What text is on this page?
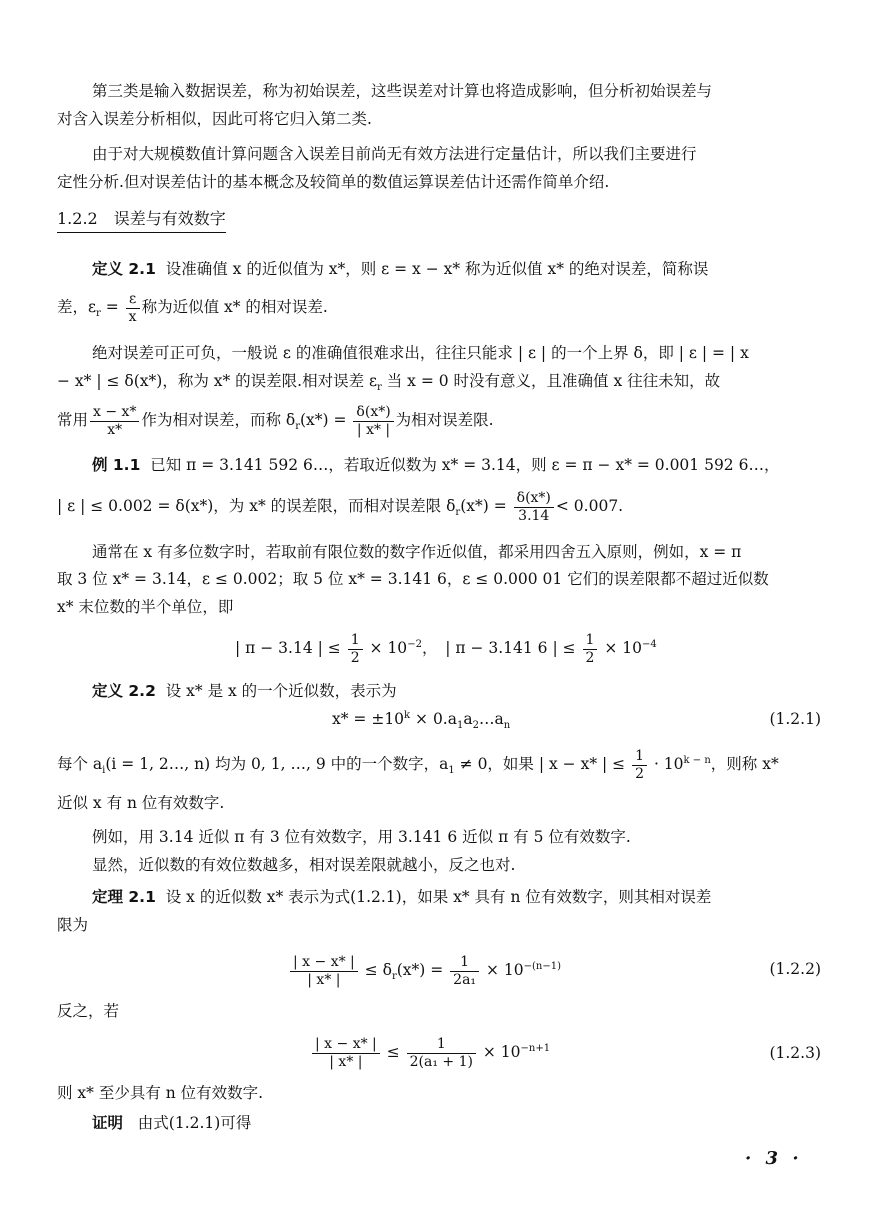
第三类是输入数据误差，称为初始误差，这些误差对计算也将造成影响，但分析初始误差与
对含入误差分析相似，因此可将它归入第二类.
由于对大规模数值计算问题含入误差目前尚无有效方法进行定量估计，所以我们主要进行
定性分析.但对误差估计的基本概念及较简单的数值运算误差估计还需作简单介绍.
1.2.2 误差与有效数字
定义 2.1 设准确值 x 的近似值为 x*，则 ε = x − x* 称为近似值 x* 的绝对误差，简称误
差，$\varepsilon_r = \frac{\varepsilon}{x}$ 称为近似值 x* 的相对误差.
绝对误差可正可负，一般说 ε 的准确值很难求出，往往只能求 | ε | 的一个上界 δ，即 | ε | = | x
− x* | ≤ δ(x*)，称为 x* 的误差限.相对误差 $\varepsilon_r$ 当 x = 0 时没有意义，且准确值 x 往往未知，故
常用 $\frac{x - x*}{x*}$ 作为相对误差，而称 $\delta_r(x*) = \frac{\delta(x*)}{| x* |}$ 为相对误差限.
例 1.1 已知 π = 3.141 592 6…，若取近似数为 x* = 3.14，则 ε = π − x* = 0.001 592 6…，
| ε | ≤ 0.002 = δ(x*)，为 x* 的误差限，而相对误差限 $\delta_r(x*) = \frac{\delta(x*)}{3.14} < 0.007$.
通常在 x 有多位数字时，若取前有限位数的数字作近似值，都采用四舍五入原则，例如，x = π
取 3 位 x* = 3.14，ε ≤ 0.002；取 5 位 x* = 3.141 6，ε ≤ 0.000 01 它们的误差限都不超过近似数
x* 末位数的半个单位，即
| π − 3.14 | ≤ $\frac{1}{2} \times 10^{-2}$，　| π − 3.141 6 | ≤ $\frac{1}{2} \times 10^{-4}$
定义 2.2 设 x* 是 x 的一个近似数，表示为
$x* = \pm 10^k$ × $0.a_1a_2\dots a_n$	(1.2.1)
每个 $a_i(i = 1$, 2…, n) 均为 0, 1, …, 9 中的一个数字，$a_1 \ne 0$，如果 | x − x* | ≤ $\frac{1}{2} \cdot 10^{k - n}$，则称 x*
近似 x 有 n 位有效数字.
例如，用 3.14 近似 π 有 3 位有效数字，用 3.141 6 近似 π 有 5 位有效数字.
显然，近似数的有效位数越多，相对误差限就越小，反之也对.
定理 2.1 设 x 的近似数 x* 表示为式(1.2.1)，如果 x* 具有 n 位有效数字，则其相对误差
限为
$\frac{| x - x* |}{| x* |} \le \delta_r(x*) = \frac{1}{\text{2a₁}} \times 10^{-(n-1)}$	(1.2.2)
反之，若
$\frac{| x - x* |}{| x* |} \le \frac{1}{\text{2(a₁ + 1)}} \times 10^{-n+1}$	(1.2.3)
则 x* 至少具有 n 位有效数字.
证明 由式(1.2.1)可得
· 3 ·
